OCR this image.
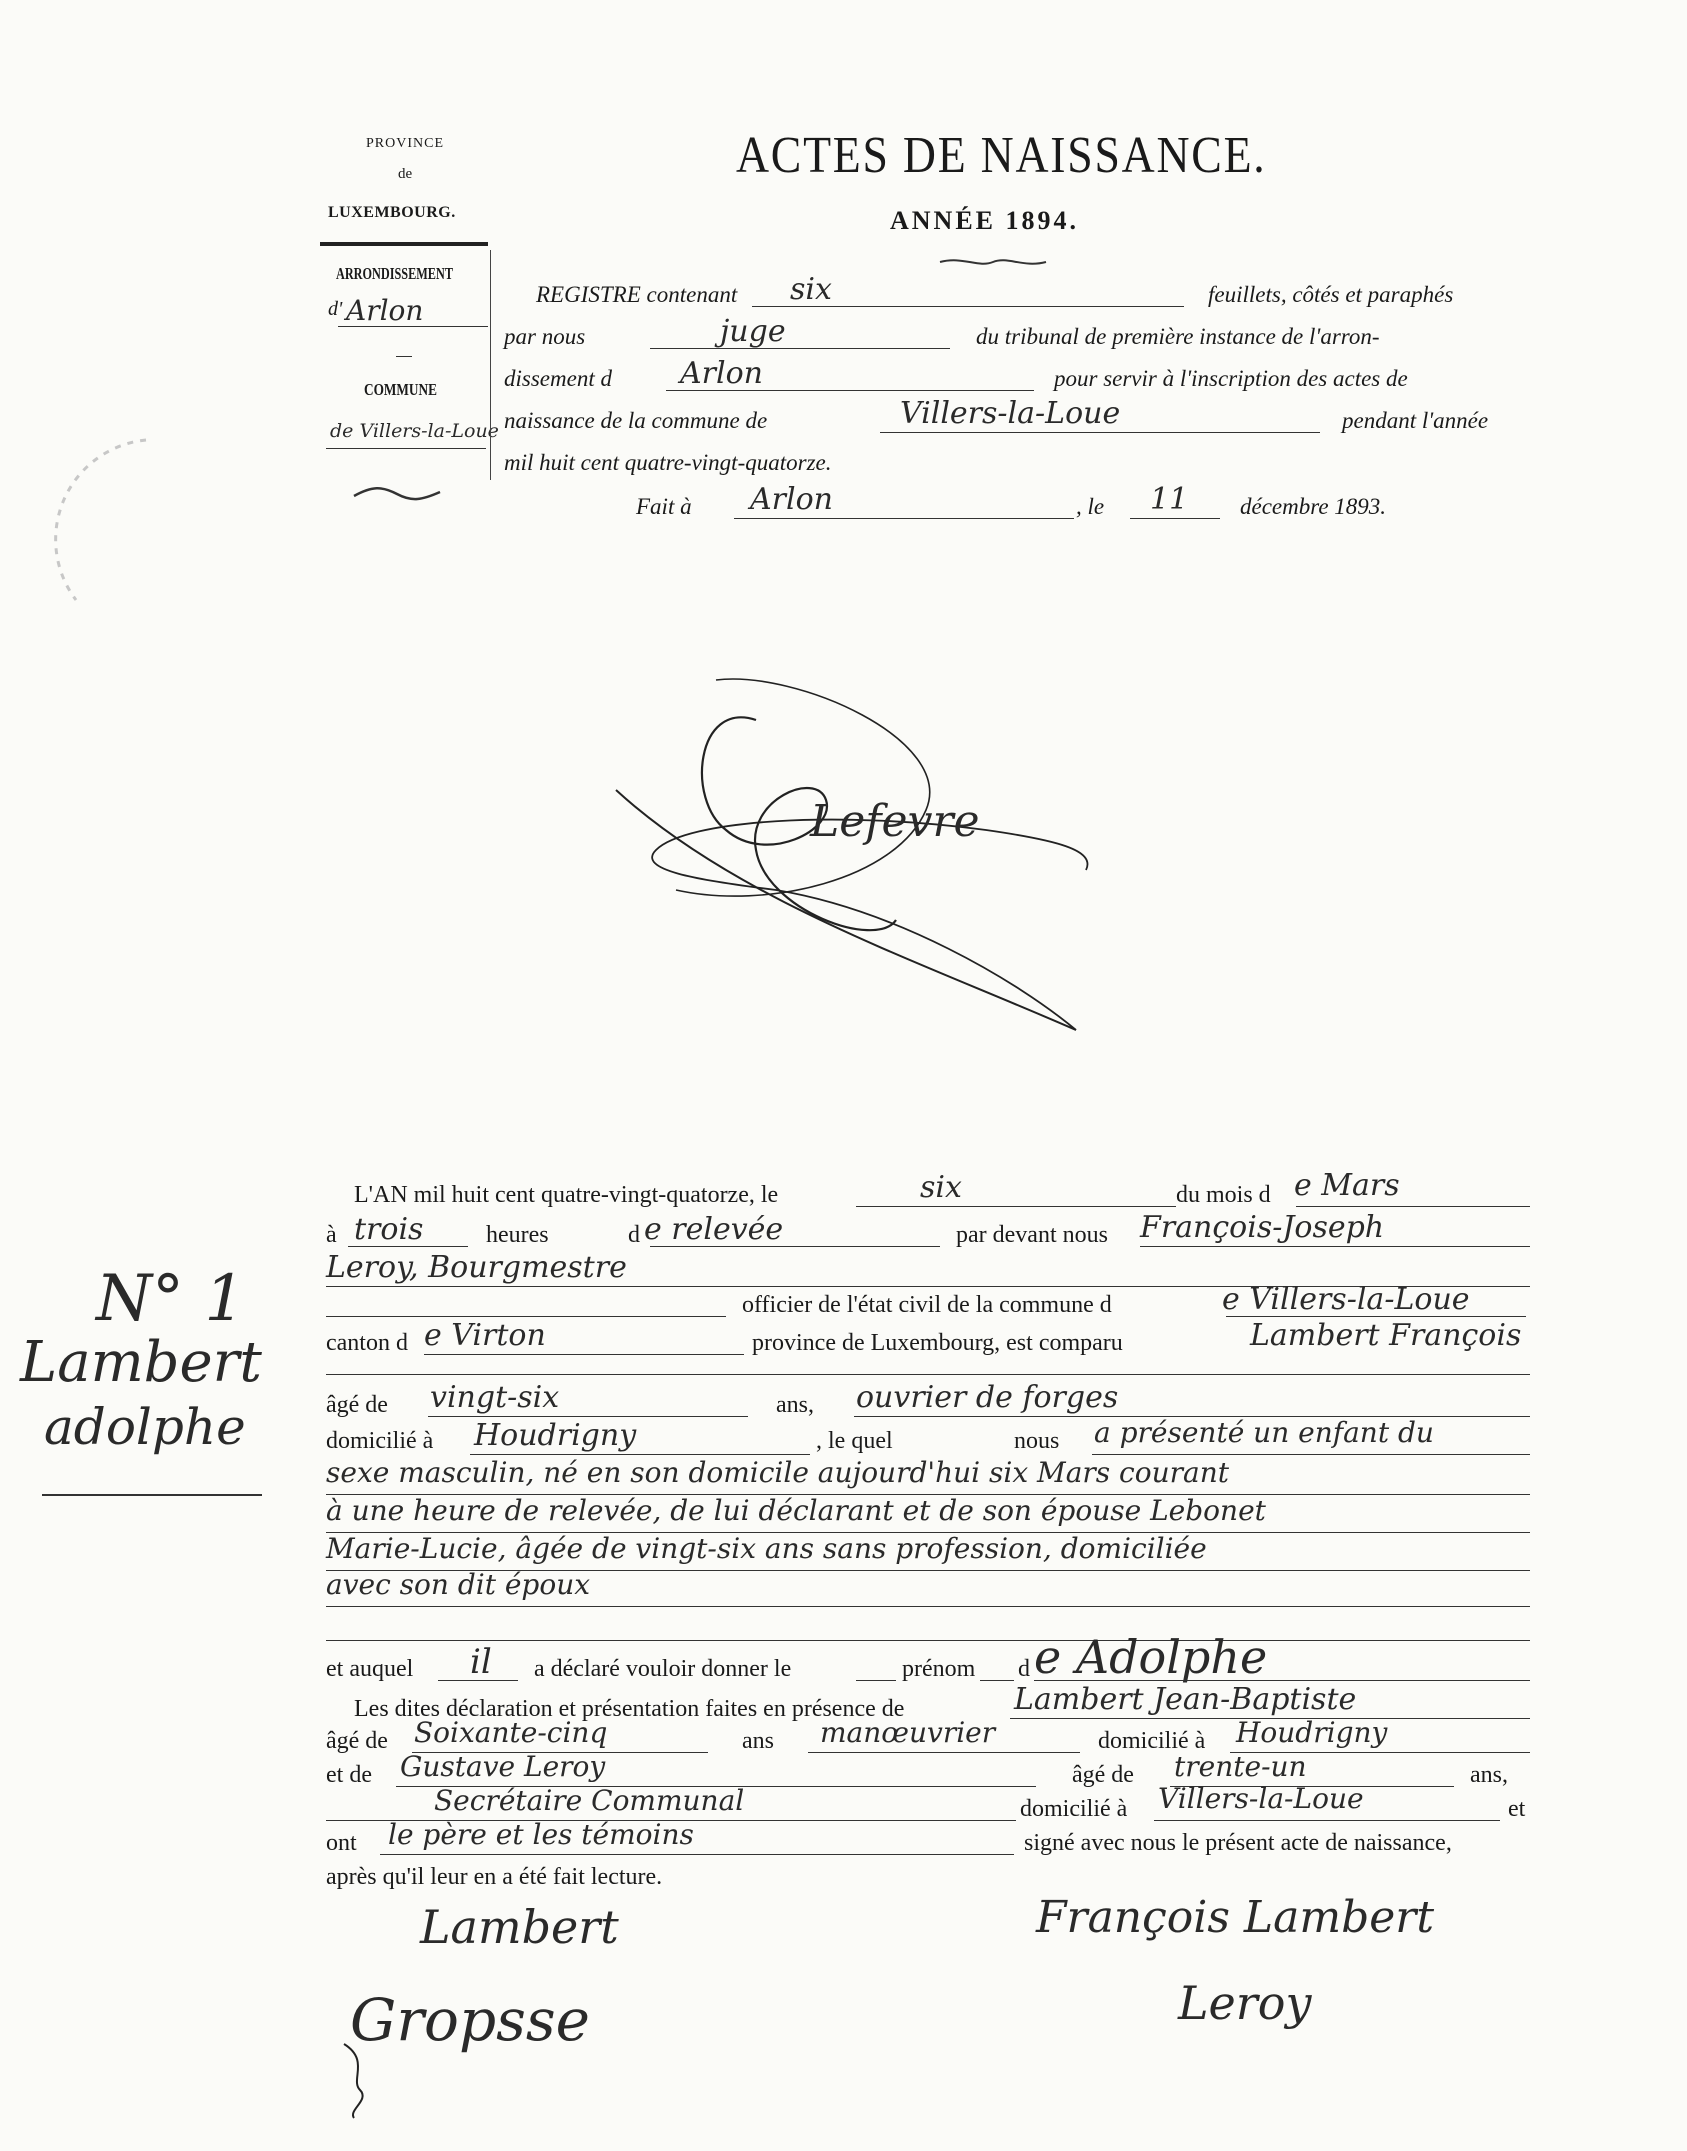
PROVINCE
de
LUXEMBOURG.
ARRONDISSEMENT
d' Arlon
COMMUNE
de Villers-la-Loue
ACTES DE NAISSANCE.
ANNÉE 1894.
REGISTRE contenant six	feuillets, côtés et paraphés
par nous	juge	du tribunal de première instance de l'arron-
dissement d Arlon	pour servir à l'inscription des actes de
naissance de la commune de	Villers-la-Loue	pendant l'année
mil huit cent quatre-vingt-quatorze.
Fait à Arlon	, le 11 décembre 1893.
Lefevre
N° 1
Lambert
adolphe
L'AN mil huit cent quatre-vingt-quatorze, le	six	du mois d e Mars
à trois	heures	d e relevée	par devant nous François-Joseph
Leroy, Bourgmestre
officier de l'état civil de la commune d	e Villers-la-Loue
canton d e Virton	province de Luxembourg, est comparu	Lambert François
âgé de vingt-six	ans, ouvrier de forges
domicilié à Houdrigny	, le quel	nous a présenté un enfant du
sexe masculin, né en son domicile aujourd'hui six Mars courant
à une heure de relevée, de lui déclarant et de son épouse Lebonet
Marie-Lucie, âgée de vingt-six ans sans profession, domiciliée
avec son dit époux
et auquel il a déclaré vouloir donner le	prénom d e Adolphe
Les dites déclaration et présentation faites en présence de	Lambert Jean-Baptiste
âgé de Soixante-cinq	ans manœuvrier	domicilié à Houdrigny
et de Gustave Leroy	âgé de trente-un	ans,
Secrétaire Communal	domicilié à Villers-la-Loue	et
ont le père et les témoins	signé avec nous le présent acte de naissance,
après qu'il leur en a été fait lecture.
Lambert
Gropsse
François Lambert
Leroy
